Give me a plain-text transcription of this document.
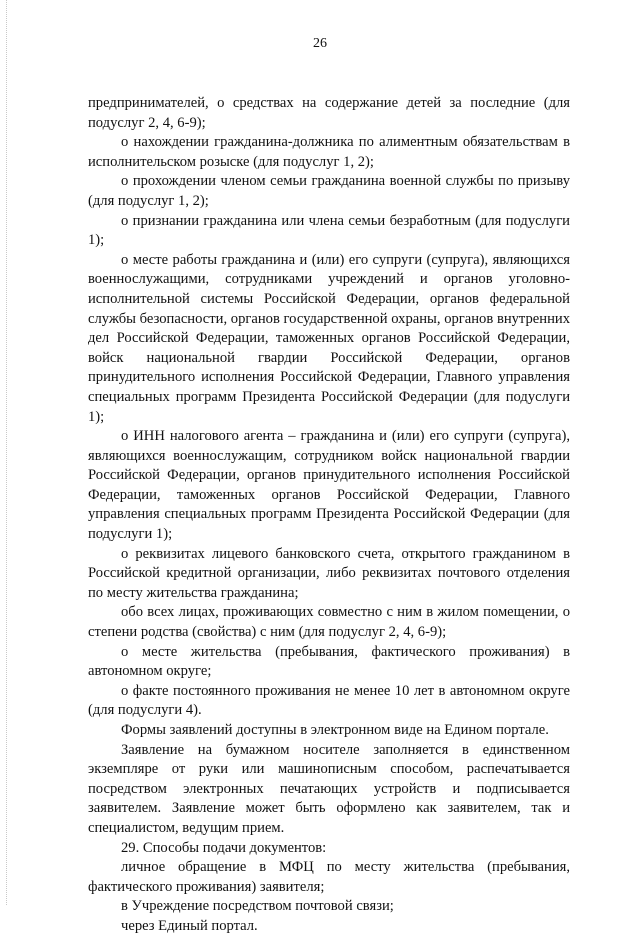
26

предпринимателей, о средствах на содержание детей за последние (для подуслуг 2, 4, 6-9);

о нахождении гражданина-должника по алиментным обязательствам в исполнительском розыске (для подуслуг 1, 2);

о прохождении членом семьи гражданина военной службы по призыву (для подуслуг 1, 2);

о признании гражданина или члена семьи безработным (для подуслуги 1);

о месте работы гражданина и (или) его супруги (супруга), являющихся военнослужащими, сотрудниками учреждений и органов уголовно-исполнительной системы Российской Федерации, органов федеральной службы безопасности, органов государственной охраны, органов внутренних дел Российской Федерации, таможенных органов Российской Федерации, войск национальной гвардии Российской Федерации, органов принудительного исполнения Российской Федерации, Главного управления специальных программ Президента Российской Федерации (для подуслуги 1);

о ИНН налогового агента – гражданина и (или) его супруги (супруга), являющихся военнослужащим, сотрудником войск национальной гвардии Российской Федерации, органов принудительного исполнения Российской Федерации, таможенных органов Российской Федерации, Главного управления специальных программ Президента Российской Федерации (для подуслуги 1);

о реквизитах лицевого банковского счета, открытого гражданином в Российской кредитной организации, либо реквизитах почтового отделения по месту жительства гражданина;

обо всех лицах, проживающих совместно с ним в жилом помещении, о степени родства (свойства) с ним (для подуслуг 2, 4, 6-9);

о месте жительства (пребывания, фактического проживания) в автономном округе;

о факте постоянного проживания не менее 10 лет в автономном округе (для подуслуги 4).

Формы заявлений доступны в электронном виде на Едином портале.

Заявление на бумажном носителе заполняется в единственном экземпляре от руки или машинописным способом, распечатывается посредством электронных печатающих устройств и подписывается заявителем. Заявление может быть оформлено как заявителем, так и специалистом, ведущим прием.

29. Способы подачи документов:

личное обращение в МФЦ по месту жительства (пребывания, фактического проживания) заявителя;

в Учреждение посредством почтовой связи;

через Единый портал.
